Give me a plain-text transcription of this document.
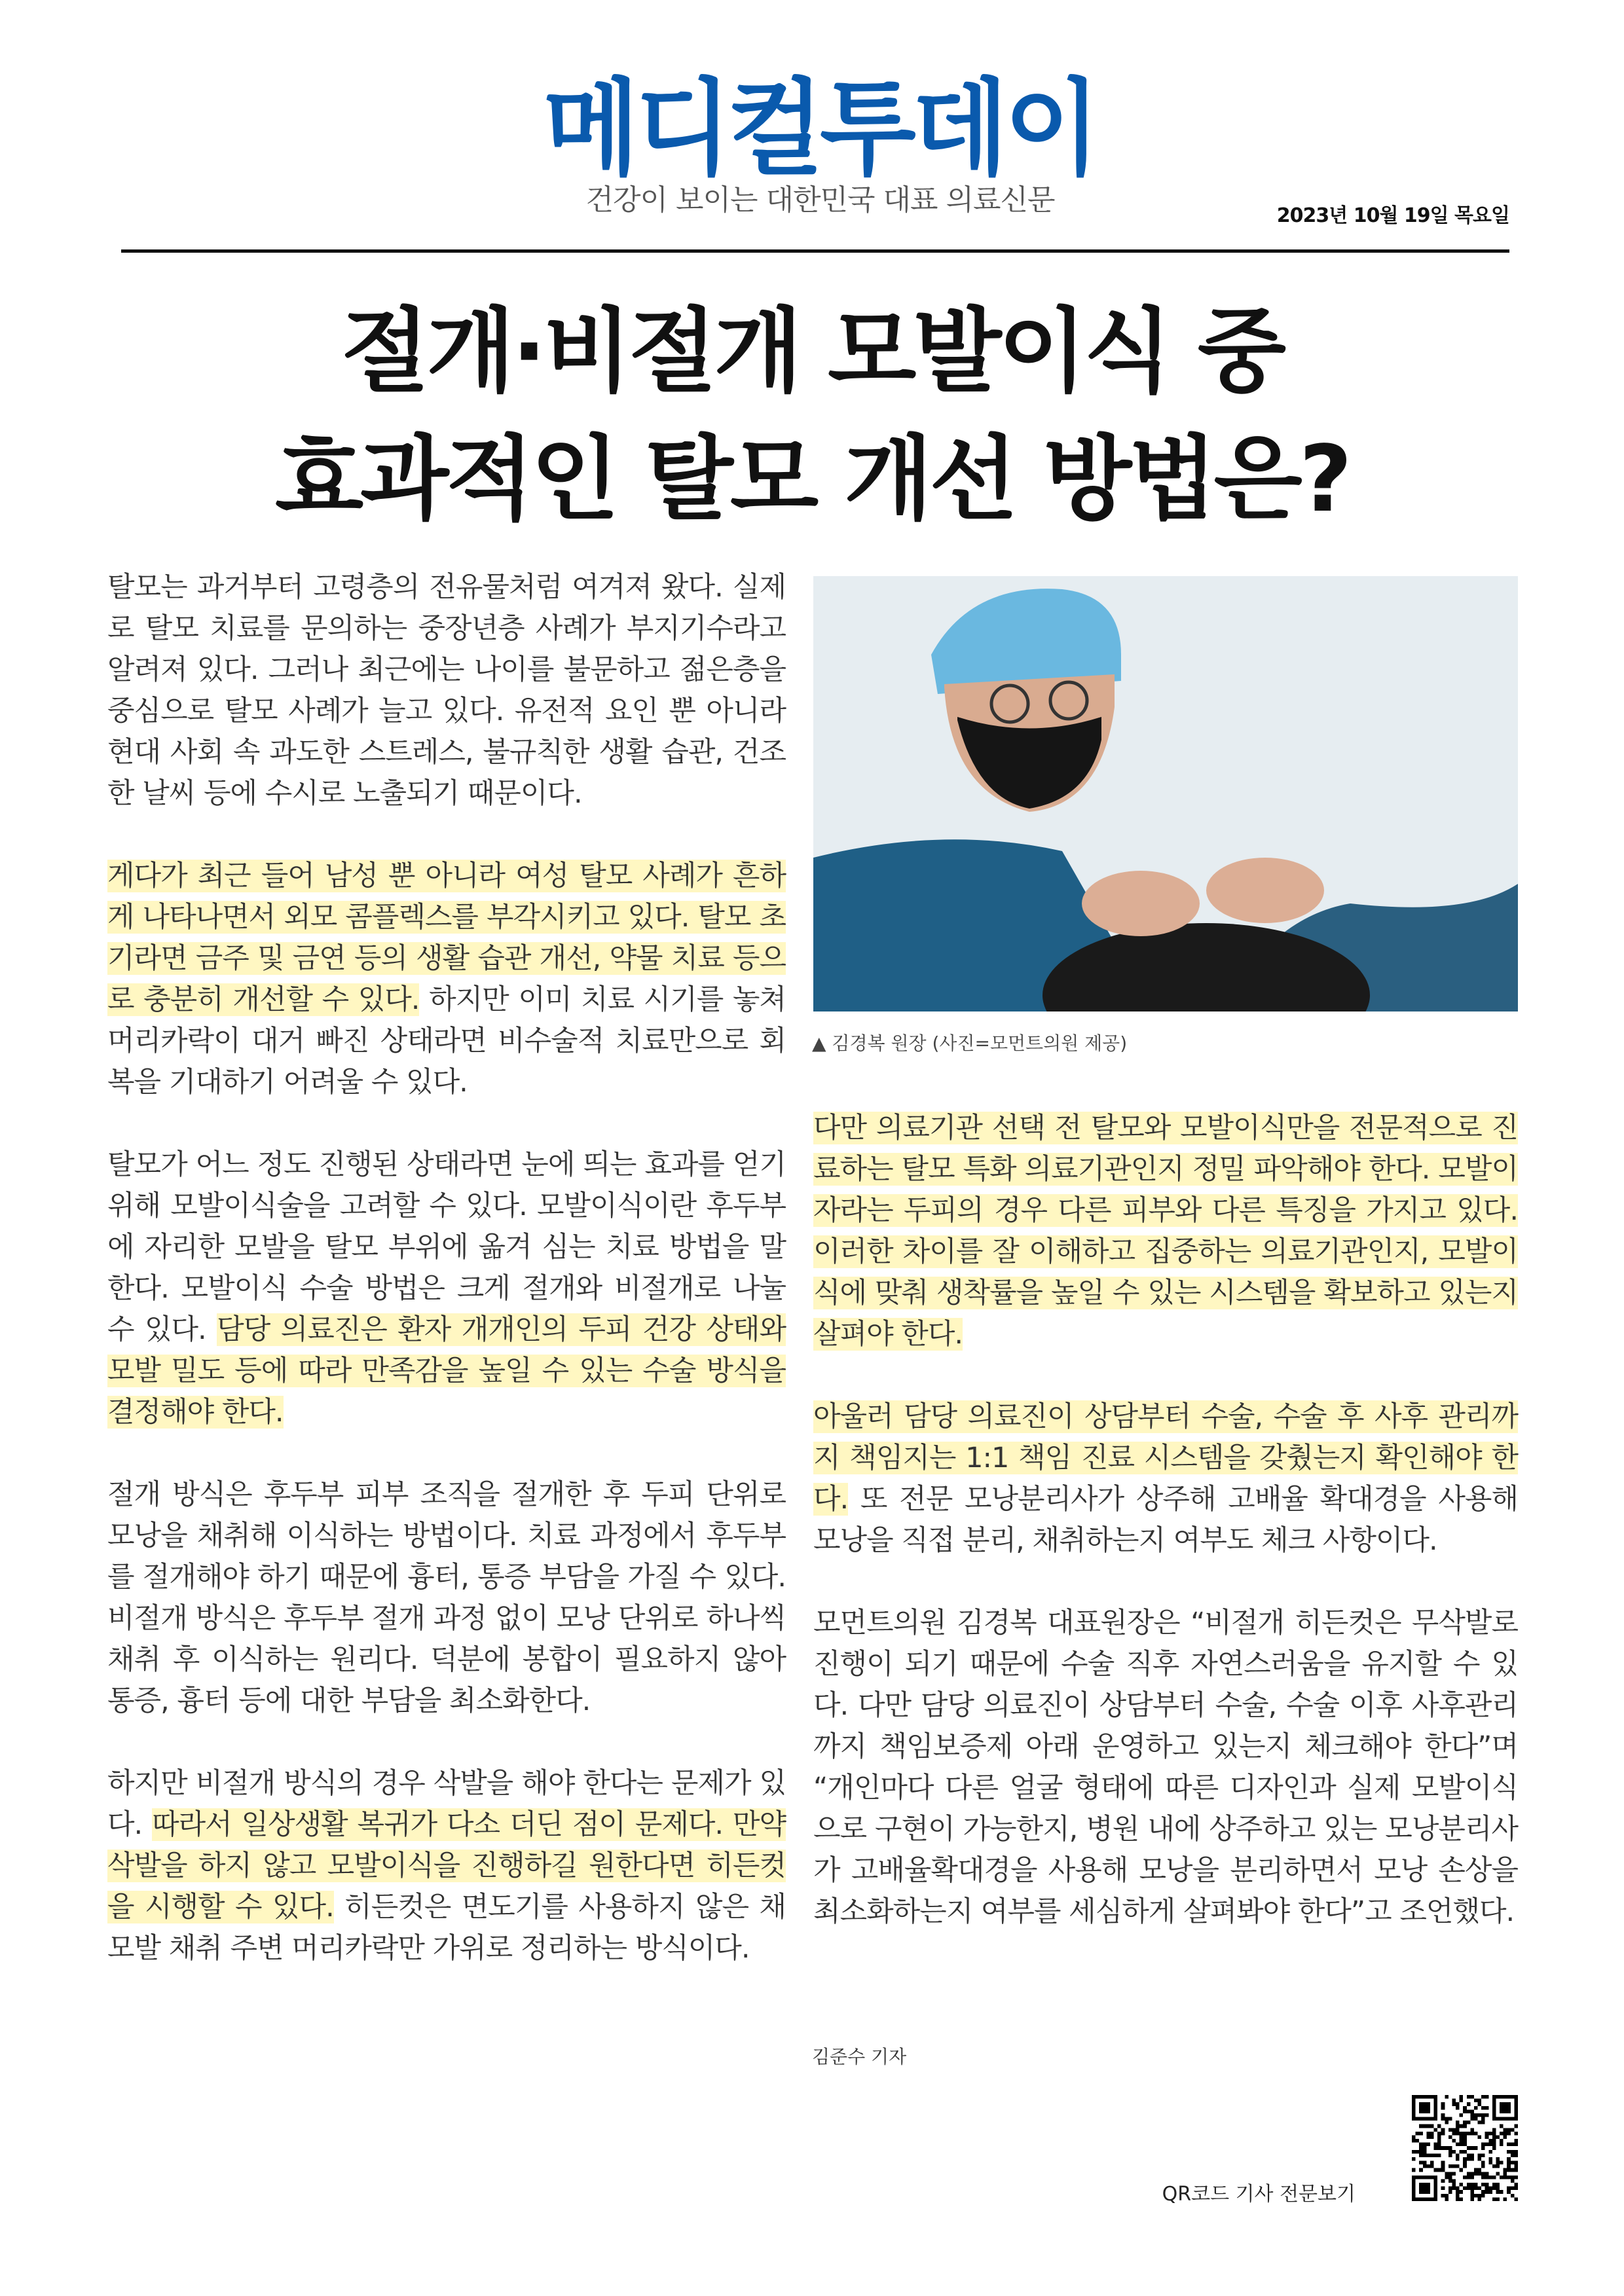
메디컬투데이
건강이 보이는 대한민국 대표 의료신문	2023년 10월 19일 목요일
절개·비절개 모발이식 중
효과적인 탈모 개선 방법은?

탈모는 과거부터 고령층의 전유물처럼 여겨져 왔다. 실제로 탈모 치료를 문의하는 중장년층 사례가 부지기수라고 알려져 있다. 그러나 최근에는 나이를 불문하고 젊은층을 중심으로 탈모 사례가 늘고 있다. 유전적 요인 뿐 아니라 현대 사회 속 과도한 스트레스, 불규칙한 생활 습관, 건조한 날씨 등에 수시로 노출되기 때문이다.

게다가 최근 들어 남성 뿐 아니라 여성 탈모 사례가 흔하게 나타나면서 외모 콤플렉스를 부각시키고 있다. 탈모 초기라면 금주 및 금연 등의 생활 습관 개선, 약물 치료 등으로 충분히 개선할 수 있다. 하지만 이미 치료 시기를 놓쳐 머리카락이 대거 빠진 상태라면 비수술적 치료만으로 회복을 기대하기 어려울 수 있다.

탈모가 어느 정도 진행된 상태라면 눈에 띄는 효과를 얻기 위해 모발이식술을 고려할 수 있다. 모발이식이란 후두부에 자리한 모발을 탈모 부위에 옮겨 심는 치료 방법을 말한다. 모발이식 수술 방법은 크게 절개와 비절개로 나눌 수 있다. 담당 의료진은 환자 개개인의 두피 건강 상태와 모발 밀도 등에 따라 만족감을 높일 수 있는 수술 방식을 결정해야 한다.

절개 방식은 후두부 피부 조직을 절개한 후 두피 단위로 모낭을 채취해 이식하는 방법이다. 치료 과정에서 후두부를 절개해야 하기 때문에 흉터, 통증 부담을 가질 수 있다. 비절개 방식은 후두부 절개 과정 없이 모낭 단위로 하나씩 채취 후 이식하는 원리다. 덕분에 봉합이 필요하지 않아 통증, 흉터 등에 대한 부담을 최소화한다.

하지만 비절개 방식의 경우 삭발을 해야 한다는 문제가 있다. 따라서 일상생활 복귀가 다소 더딘 점이 문제다. 만약 삭발을 하지 않고 모발이식을 진행하길 원한다면 히든컷을 시행할 수 있다. 히든컷은 면도기를 사용하지 않은 채 모발 채취 주변 머리카락만 가위로 정리하는 방식이다.

▲ 김경복 원장 (사진=모먼트의원 제공)

다만 의료기관 선택 전 탈모와 모발이식만을 전문적으로 진료하는 탈모 특화 의료기관인지 정밀 파악해야 한다. 모발이 자라는 두피의 경우 다른 피부와 다른 특징을 가지고 있다. 이러한 차이를 잘 이해하고 집중하는 의료기관인지, 모발이식에 맞춰 생착률을 높일 수 있는 시스템을 확보하고 있는지 살펴야 한다.

아울러 담당 의료진이 상담부터 수술, 수술 후 사후 관리까지 책임지는 1:1 책임 진료 시스템을 갖췄는지 확인해야 한다. 또 전문 모낭분리사가 상주해 고배율 확대경을 사용해 모낭을 직접 분리, 채취하는지 여부도 체크 사항이다.

모먼트의원 김경복 대표원장은 “비절개 히든컷은 무삭발로 진행이 되기 때문에 수술 직후 자연스러움을 유지할 수 있다. 다만 담당 의료진이 상담부터 수술, 수술 이후 사후관리까지 책임보증제 아래 운영하고 있는지 체크해야 한다”며 “개인마다 다른 얼굴 형태에 따른 디자인과 실제 모발이식으로 구현이 가능한지, 병원 내에 상주하고 있는 모낭분리사가 고배율확대경을 사용해 모낭을 분리하면서 모낭 손상을 최소화하는지 여부를 세심하게 살펴봐야 한다”고 조언했다.

김준수 기자
QR코드 기사 전문보기
